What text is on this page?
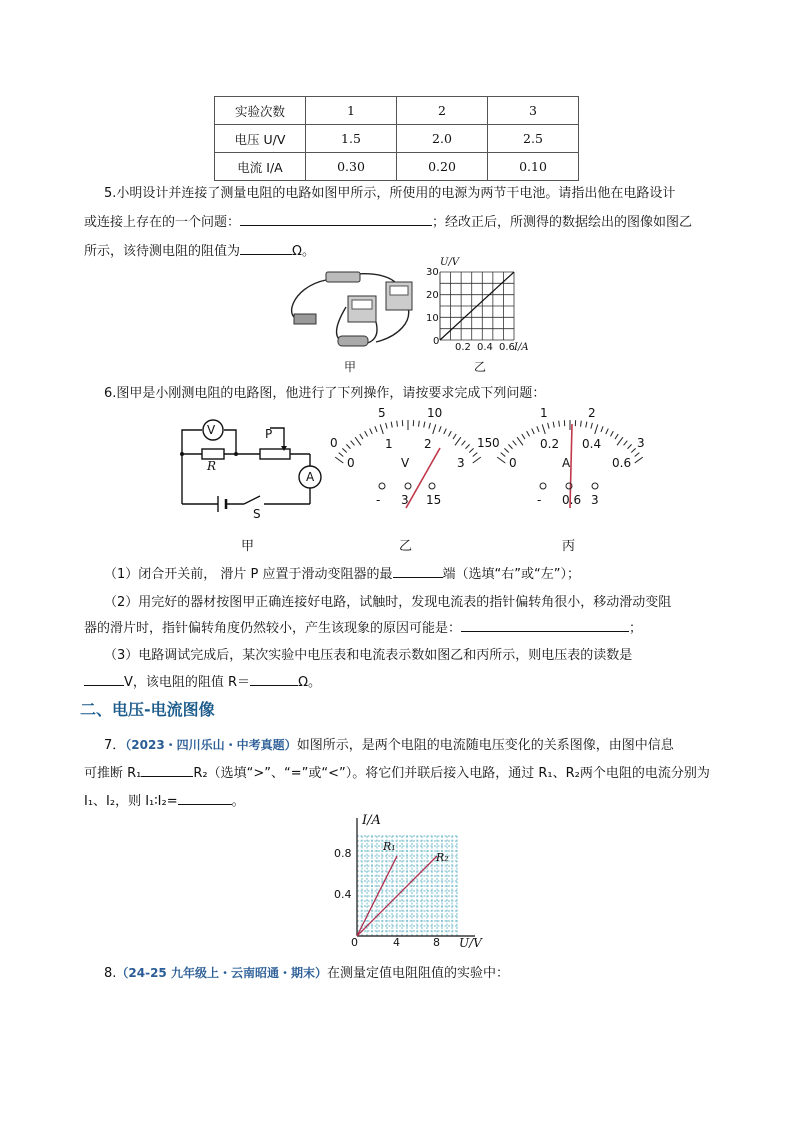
实验次数	1	2	3
电压 U/V	1.5	2.0	2.5
电流 I/A	0.30	0.20	0.10
5.小明设计并连接了测量电阻的电路如图甲所示，所使用的电源为两节干电池。请指出他在电路设计
或连接上存在的一个问题：	；经改正后，所测得的数据绘出的图像如图乙
所示，该待测电阻的阻值为	Ω。
甲
U/V
30
20
10
0
0.2 0.4 0.6 I/A
乙
6.图甲是小刚测电阻的电路图，他进行了下列操作，请按要求完成下列问题：
V
R
P
A
S
0
5	10
15
0
1	2
3
V
- 3 15
0
1	2
3
0
0.2 0.4
0.6
A
- 0.6 3
甲	乙	丙
（1）闭合开关前， 滑片 P 应置于滑动变阻器的最	端（选填“右”或“左”）；
（2）用完好的器材按图甲正确连接好电路，试触时，发现电流表的指针偏转角很小，移动滑动变阻
器的滑片时，指针偏转角度仍然较小，产生该现象的原因可能是：	；
（3）电路调试完成后，某次实验中电压表和电流表示数如图乙和丙所示，则电压表的读数是
V，该电阻的阻值 R＝	Ω。
二、电压-电流图像
7．（2023・四川乐山・中考真题）如图所示，是两个电阻的电流随电压变化的关系图像，由图中信息
可推断 R₁	R₂（选填“>”、“=”或“<”）。将它们并联后接入电路，通过 R₁、R₂两个电阻的电流分别为
I₁、I₂，则 I₁∶I₂=	。
I/A
0.8
0.4
0	4	8 U/V
R₁
R₂
8.（24-25 九年级上・云南昭通・期末）在测量定值电阻阻值的实验中：
